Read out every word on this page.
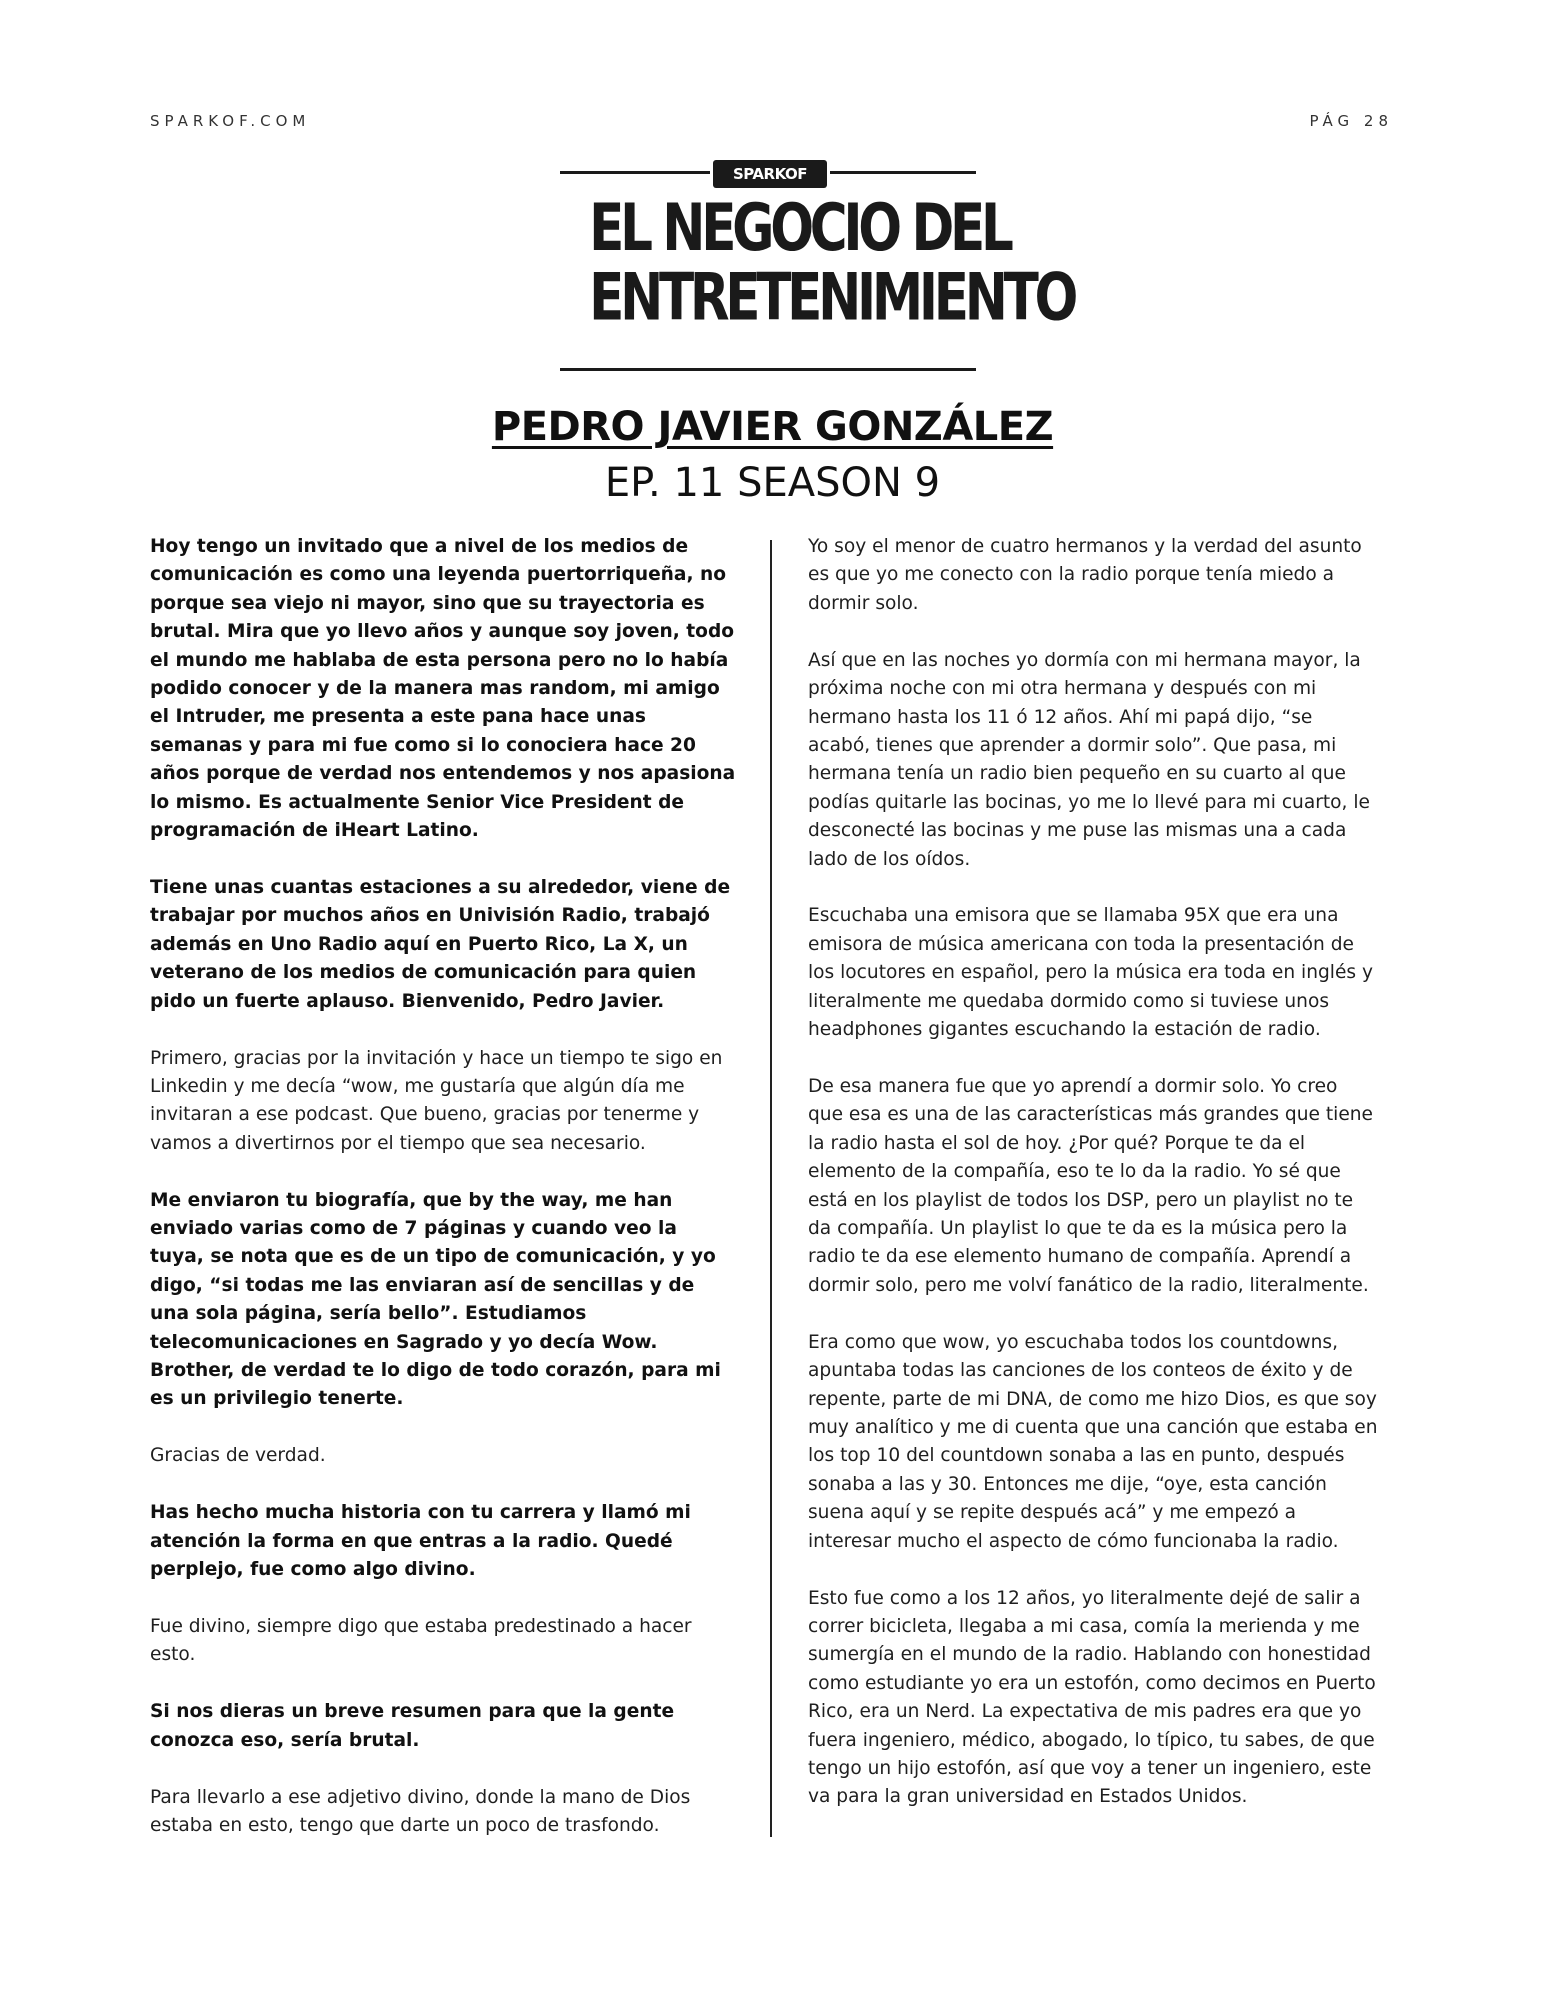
SPARKOF.COM	PÁG 28
SPARKOF
EL NEGOCIO DEL
ENTRETENIMIENTO
PEDRO JAVIER GONZÁLEZ
EP. 11 SEASON 9

Hoy tengo un invitado que a nivel de los medios de comunicación es como una leyenda puertorriqueña, no porque sea viejo ni mayor, sino que su trayectoria es brutal. Mira que yo llevo años y aunque soy joven, todo el mundo me hablaba de esta persona pero no lo había podido conocer y de la manera mas random, mi amigo el Intruder, me presenta a este pana hace unas semanas y para mi fue como si lo conociera hace 20 años porque de verdad nos entendemos y nos apasiona lo mismo. Es actualmente Senior Vice President de programación de iHeart Latino.

Tiene unas cuantas estaciones a su alrededor, viene de trabajar por muchos años en Univisión Radio, trabajó además en Uno Radio aquí en Puerto Rico, La X, un veterano de los medios de comunicación para quien pido un fuerte aplauso. Bienvenido, Pedro Javier.

Primero, gracias por la invitación y hace un tiempo te sigo en Linkedin y me decía “wow, me gustaría que algún día me invitaran a ese podcast. Que bueno, gracias por tenerme y vamos a divertirnos por el tiempo que sea necesario.

Me enviaron tu biografía, que by the way, me han enviado varias como de 7 páginas y cuando veo la tuya, se nota que es de un tipo de comunicación, y yo digo, “si todas me las enviaran así de sencillas y de una sola página, sería bello”. Estudiamos telecomunicaciones en Sagrado y yo decía Wow. Brother, de verdad te lo digo de todo corazón, para mi es un privilegio tenerte.

Gracias de verdad.

Has hecho mucha historia con tu carrera y llamó mi atención la forma en que entras a la radio. Quedé perplejo, fue como algo divino.

Fue divino, siempre digo que estaba predestinado a hacer esto.

Si nos dieras un breve resumen para que la gente conozca eso, sería brutal.

Para llevarlo a ese adjetivo divino, donde la mano de Dios estaba en esto, tengo que darte un poco de trasfondo.

Yo soy el menor de cuatro hermanos y la verdad del asunto es que yo me conecto con la radio porque tenía miedo a dormir solo.

Así que en las noches yo dormía con mi hermana mayor, la próxima noche con mi otra hermana y después con mi hermano hasta los 11 ó 12 años. Ahí mi papá dijo, “se acabó, tienes que aprender a dormir solo”. Que pasa, mi hermana tenía un radio bien pequeño en su cuarto al que podías quitarle las bocinas, yo me lo llevé para mi cuarto, le desconecté las bocinas y me puse las mismas una a cada lado de los oídos.

Escuchaba una emisora que se llamaba 95X que era una emisora de música americana con toda la presentación de los locutores en español, pero la música era toda en inglés y literalmente me quedaba dormido como si tuviese unos headphones gigantes escuchando la estación de radio.

De esa manera fue que yo aprendí a dormir solo. Yo creo que esa es una de las características más grandes que tiene la radio hasta el sol de hoy. ¿Por qué? Porque te da el elemento de la compañía, eso te lo da la radio. Yo sé que está en los playlist de todos los DSP, pero un playlist no te da compañía. Un playlist lo que te da es la música pero la radio te da ese elemento humano de compañía. Aprendí a dormir solo, pero me volví fanático de la radio, literalmente.

Era como que wow, yo escuchaba todos los countdowns, apuntaba todas las canciones de los conteos de éxito y de repente, parte de mi DNA, de como me hizo Dios, es que soy muy analítico y me di cuenta que una canción que estaba en los top 10 del countdown sonaba a las en punto, después sonaba a las y 30. Entonces me dije, “oye, esta canción suena aquí y se repite después acá” y me empezó a interesar mucho el aspecto de cómo funcionaba la radio.

Esto fue como a los 12 años, yo literalmente dejé de salir a correr bicicleta, llegaba a mi casa, comía la merienda y me sumergía en el mundo de la radio. Hablando con honestidad como estudiante yo era un estofón, como decimos en Puerto Rico, era un Nerd. La expectativa de mis padres era que yo fuera ingeniero, médico, abogado, lo típico, tu sabes, de que tengo un hijo estofón, así que voy a tener un ingeniero, este va para la gran universidad en Estados Unidos.
